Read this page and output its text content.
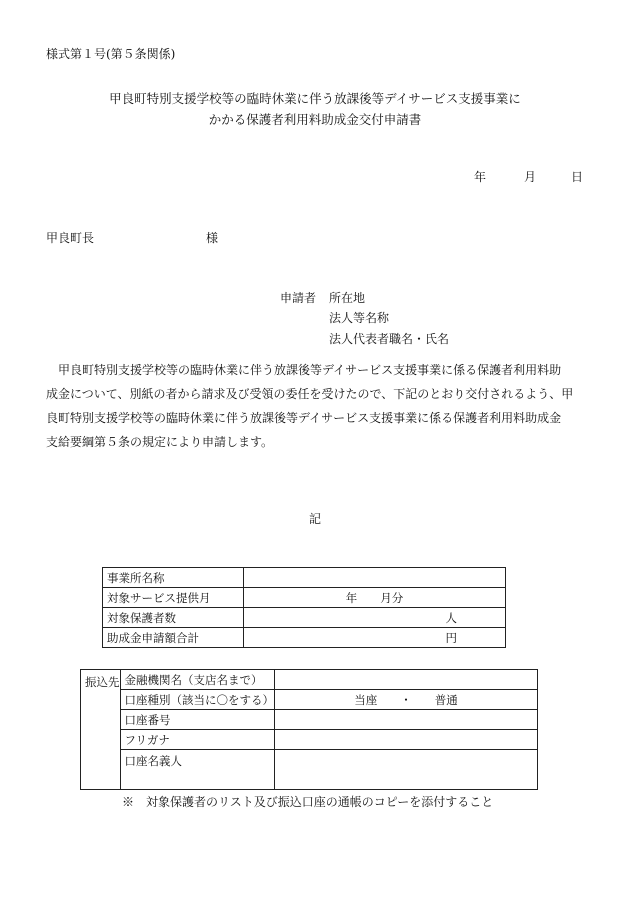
様式第１号(第５条関係)
甲良町特別支援学校等の臨時休業に伴う放課後等デイサービス支援事業に
かかる保護者利用料助成金交付申請書
年	月	日
甲良町長	様
申請者 所在地
法人等名称
法人代表者職名・氏名

　甲良町特別支援学校等の臨時休業に伴う放課後等デイサービス支援事業に係る保護者利用料助

成金について、別紙の者から請求及び受領の委任を受けたので、下記のとおり交付されるよう、甲

良町特別支援学校等の臨時休業に伴う放課後等デイサービス支援事業に係る保護者利用料助成金

支給要綱第５条の規定により申請します。

記
事業所名称	
対象サービス提供月	年　　月分
対象保護者数	人
助成金申請額合計	円
振込先	金融機関名（支店名まで）	
	口座種別（該当に〇をする）	当座　　・　　普通
	口座番号	
	フリガナ	
	口座名義人	
※　対象保護者のリスト及び振込口座の通帳のコピーを添付すること
